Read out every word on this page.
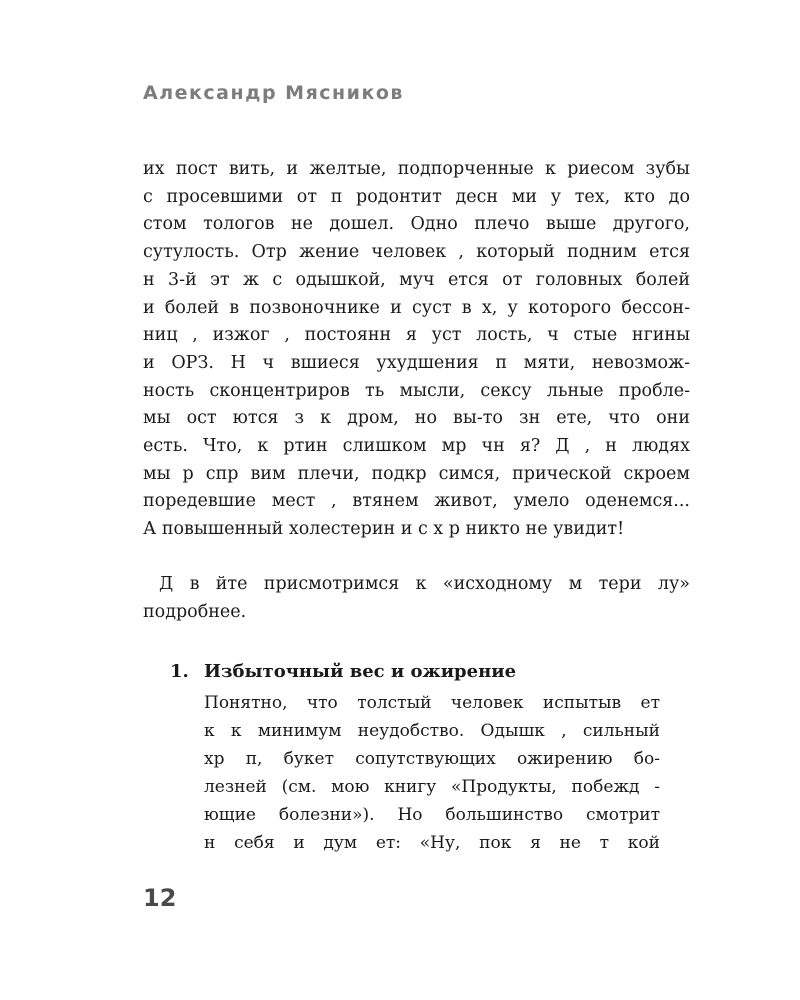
Александр Мясников
их пост вить, и желтые, подпорченные к риесом зубы
с просевшими от п родонтит десн ми у тех, кто до
стом тологов не дошел. Одно плечо выше другого,
сутулость. Отр жение человек , который подним ется
н 3-й эт ж с одышкой, муч ется от головных болей
и болей в позвоночнике и суст в х, у которого бессон-
ниц , изжог , постоянн я уст лость, ч стые нгины
и ОРЗ. Н ч вшиеся ухудшения п мяти, невозмож-
ность сконцентриров ть мысли, сексу льные пробле-
мы ост ются з к дром, но вы-то зн ете, что они
есть. Что, к ртин слишком мр чн я? Д , н людях
мы р спр вим плечи, подкр симся, прической скроем
поредевшие мест , втянем живот, умело оденемся...
А повышенный холестерин и с х р никто не увидит!
Д в йте присмотримся к «исходному м тери лу»
подробнее.
1. Избыточный вес и ожирение
Понятно, что толстый человек испытыв ет
к к минимум неудобство. Одышк , сильный
хр п, букет сопутствующих ожирению бо-
лезней (см. мою книгу «Продукты, побежд -
ющие болезни»). Но большинство смотрит
н себя и дум ет: «Ну, пок я не т кой
12
